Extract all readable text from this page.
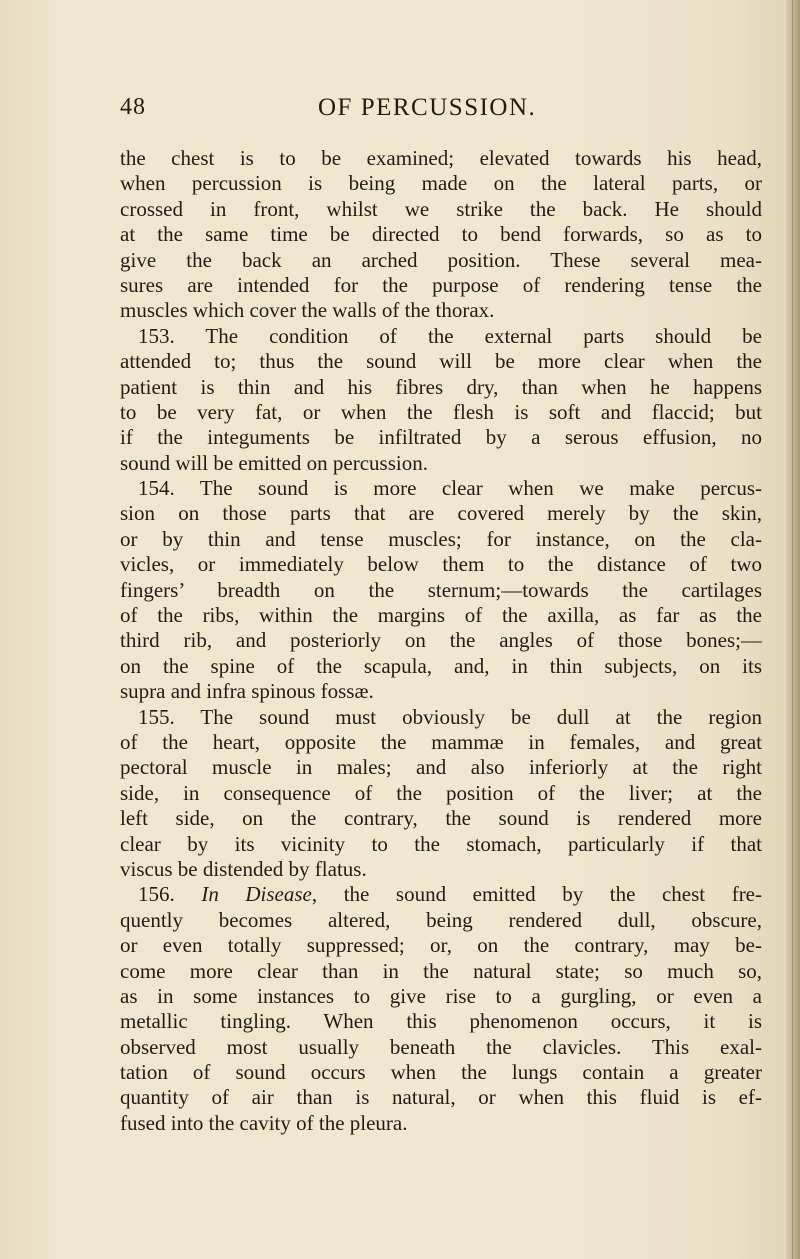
48	OF PERCUSSION.
the chest is to be examined; elevated towards his head,
when percussion is being made on the lateral parts, or
crossed in front, whilst we strike the back. He should
at the same time be directed to bend forwards, so as to
give the back an arched position. These several mea-
sures are intended for the purpose of rendering tense the
muscles which cover the walls of the thorax.
153. The condition of the external parts should be
attended to; thus the sound will be more clear when the
patient is thin and his fibres dry, than when he happens
to be very fat, or when the flesh is soft and flaccid; but
if the integuments be infiltrated by a serous effusion, no
sound will be emitted on percussion.
154. The sound is more clear when we make percus-
sion on those parts that are covered merely by the skin,
or by thin and tense muscles; for instance, on the cla-
vicles, or immediately below them to the distance of two
fingers’ breadth on the sternum;—towards the cartilages
of the ribs, within the margins of the axilla, as far as the
third rib, and posteriorly on the angles of those bones;—
on the spine of the scapula, and, in thin subjects, on its
supra and infra spinous fossæ.
155. The sound must obviously be dull at the region
of the heart, opposite the mammæ in females, and great
pectoral muscle in males; and also inferiorly at the right
side, in consequence of the position of the liver; at the
left side, on the contrary, the sound is rendered more
clear by its vicinity to the stomach, particularly if that
viscus be distended by flatus.
156. In Disease, the sound emitted by the chest fre-
quently becomes altered, being rendered dull, obscure,
or even totally suppressed; or, on the contrary, may be-
come more clear than in the natural state; so much so,
as in some instances to give rise to a gurgling, or even a
metallic tingling. When this phenomenon occurs, it is
observed most usually beneath the clavicles. This exal-
tation of sound occurs when the lungs contain a greater
quantity of air than is natural, or when this fluid is ef-
fused into the cavity of the pleura.
